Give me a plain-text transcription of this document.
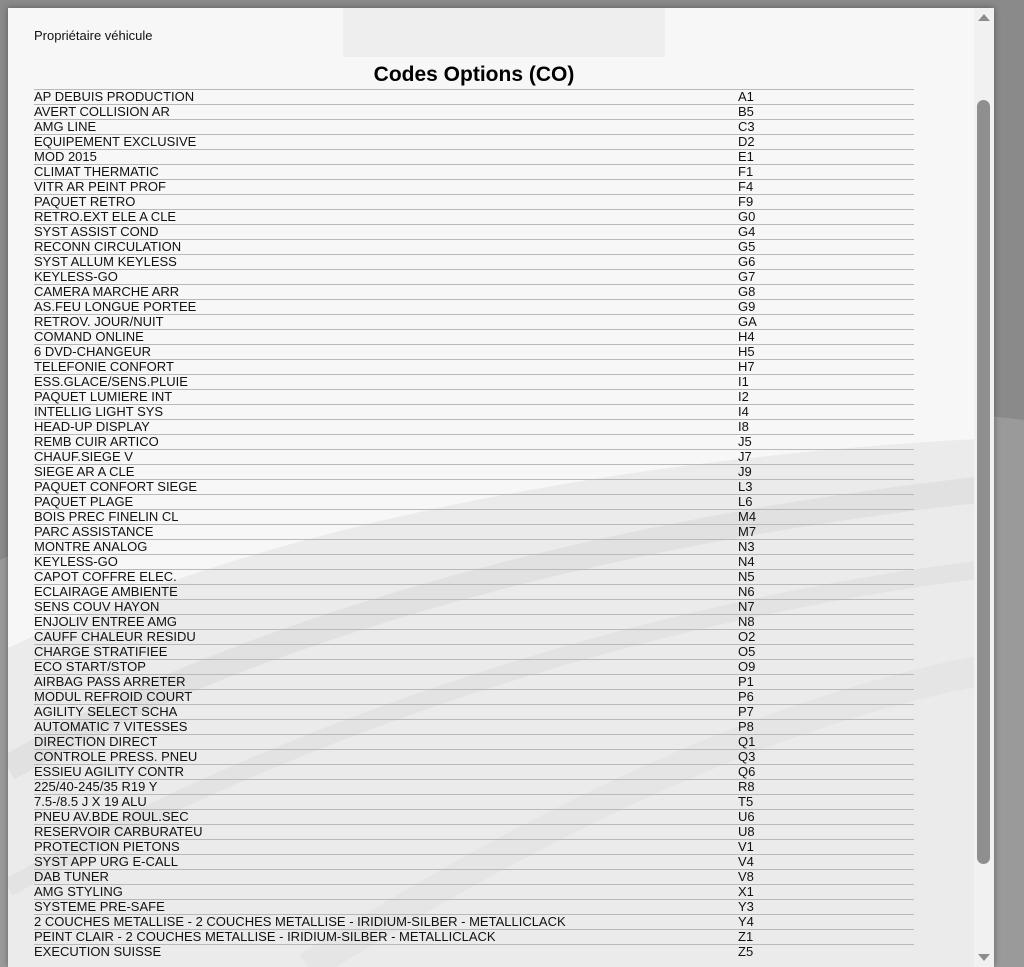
Propriétaire véhicule
Codes Options (CO)
AP DEBUIS PRODUCTION	A1
AVERT COLLISION AR	B5
AMG LINE	C3
EQUIPEMENT EXCLUSIVE	D2
MOD 2015	E1
CLIMAT THERMATIC	F1
VITR AR PEINT PROF	F4
PAQUET RETRO	F9
RETRO.EXT ELE A CLE	G0
SYST ASSIST COND	G4
RECONN CIRCULATION	G5
SYST ALLUM KEYLESS	G6
KEYLESS-GO	G7
CAMERA MARCHE ARR	G8
AS.FEU LONGUE PORTEE	G9
RETROV. JOUR/NUIT	GA
COMAND ONLINE	H4
6 DVD-CHANGEUR	H5
TELEFONIE CONFORT	H7
ESS.GLACE/SENS.PLUIE	I1
PAQUET LUMIERE INT	I2
INTELLIG LIGHT SYS	I4
HEAD-UP DISPLAY	I8
REMB CUIR ARTICO	J5
CHAUF.SIEGE V	J7
SIEGE AR A CLE	J9
PAQUET CONFORT SIEGE	L3
PAQUET PLAGE	L6
BOIS PREC FINELIN CL	M4
PARC ASSISTANCE	M7
MONTRE ANALOG	N3
KEYLESS-GO	N4
CAPOT COFFRE ELEC.	N5
ECLAIRAGE AMBIENTE	N6
SENS COUV HAYON	N7
ENJOLIV ENTREE AMG	N8
CAUFF CHALEUR RESIDU	O2
CHARGE STRATIFIEE	O5
ECO START/STOP	O9
AIRBAG PASS ARRETER	P1
MODUL REFROID COURT	P6
AGILITY SELECT SCHA	P7
AUTOMATIC 7 VITESSES	P8
DIRECTION DIRECT	Q1
CONTROLE PRESS. PNEU	Q3
ESSIEU AGILITY CONTR	Q6
225/40-245/35 R19 Y	R8
7.5-/8.5 J X 19 ALU	T5
PNEU AV.BDE ROUL.SEC	U6
RESERVOIR CARBURATEU	U8
PROTECTION PIETONS	V1
SYST APP URG E-CALL	V4
DAB TUNER	V8
AMG STYLING	X1
SYSTEME PRE-SAFE	Y3
2 COUCHES METALLISE - 2 COUCHES METALLISE - IRIDIUM-SILBER - METALLICLACK	Y4
PEINT CLAIR - 2 COUCHES METALLISE - IRIDIUM-SILBER - METALLICLACK	Z1
EXECUTION SUISSE	Z5
